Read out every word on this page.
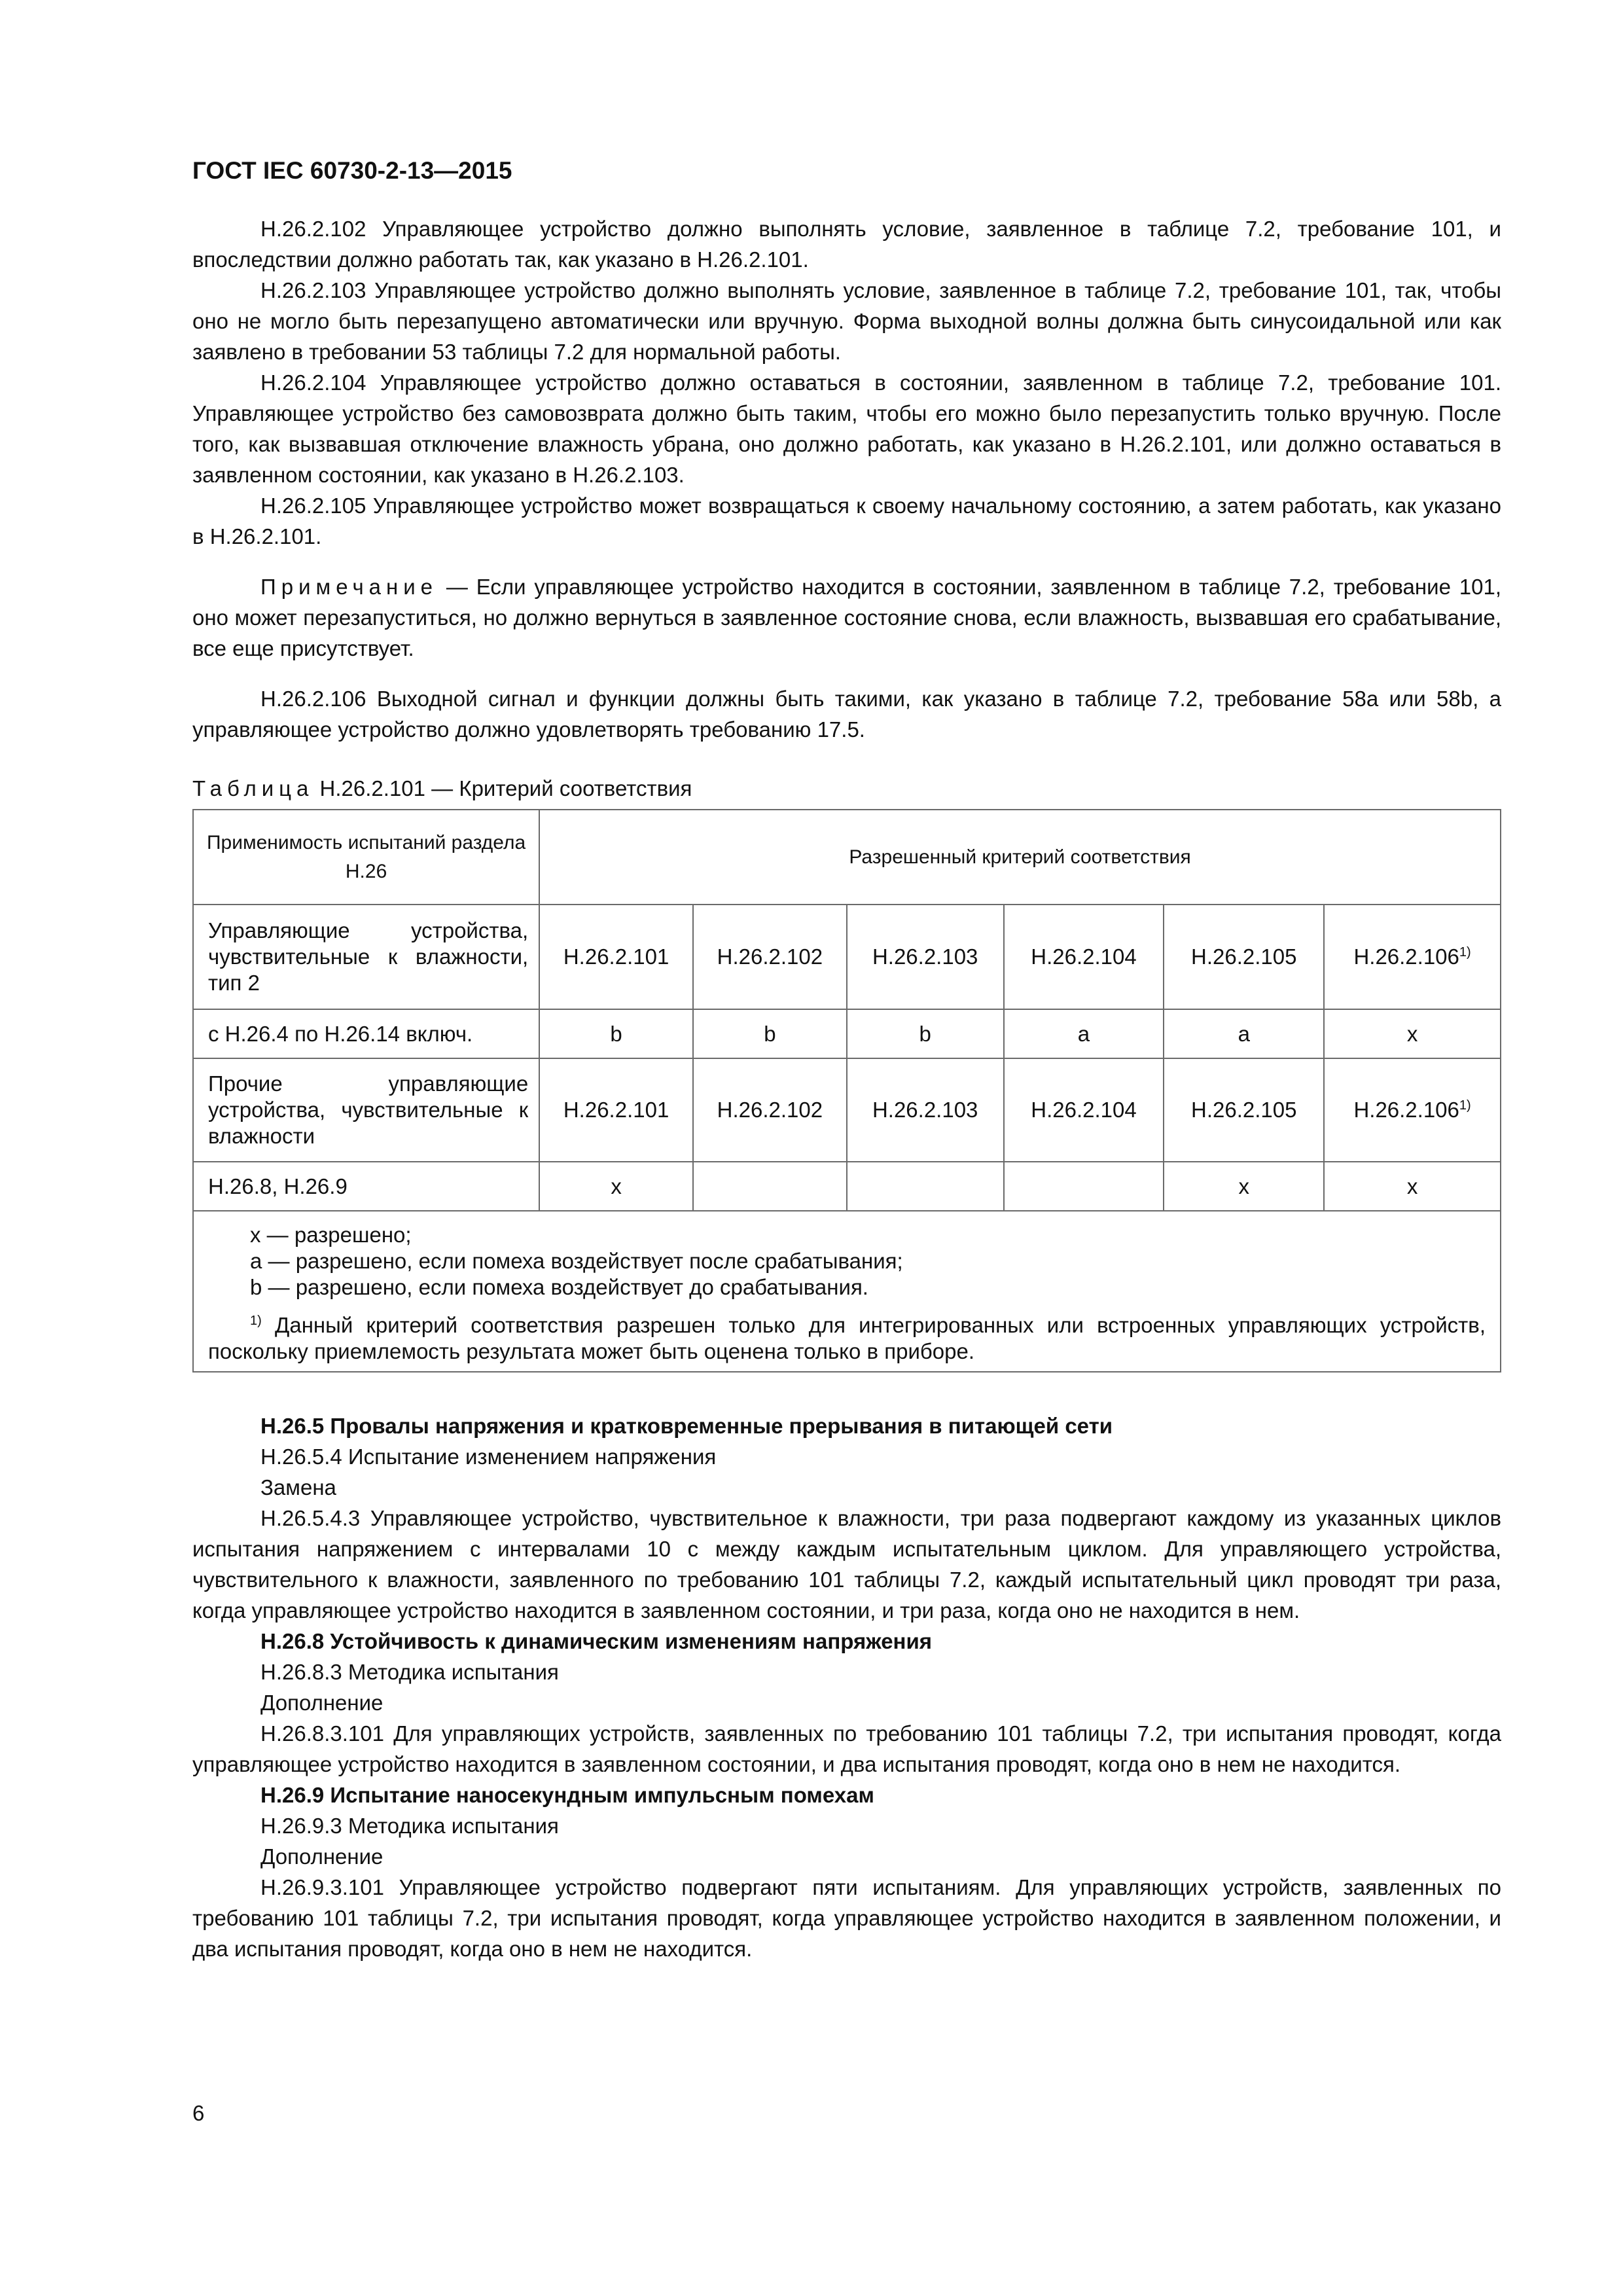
ГОСТ IEC 60730-2-13—2015

Н.26.2.102 Управляющее устройство должно выполнять условие, заявленное в таблице 7.2, требование 101, и впоследствии должно работать так, как указано в Н.26.2.101.

Н.26.2.103 Управляющее устройство должно выполнять условие, заявленное в таблице 7.2, требование 101, так, чтобы оно не могло быть перезапущено автоматически или вручную. Форма выходной волны должна быть синусоидальной или как заявлено в требовании 53 таблицы 7.2 для нормальной работы.

Н.26.2.104 Управляющее устройство должно оставаться в состоянии, заявленном в таблице 7.2, требование 101. Управляющее устройство без самовозврата должно быть таким, чтобы его можно было перезапустить только вручную. После того, как вызвавшая отключение влажность убрана, оно должно работать, как указано в Н.26.2.101, или должно оставаться в заявленном состоянии, как указано в Н.26.2.103.

Н.26.2.105 Управляющее устройство может возвращаться к своему начальному состоянию, а затем работать, как указано в Н.26.2.101.

Примечание — Если управляющее устройство находится в состоянии, заявленном в таблице 7.2, требование 101, оно может перезапуститься, но должно вернуться в заявленное состояние снова, если влажность, вызвавшая его срабатывание, все еще присутствует.

Н.26.2.106 Выходной сигнал и функции должны быть такими, как указано в таблице 7.2, требование 58а или 58b, а управляющее устройство должно удовлетворять требованию 17.5.

Таблица Н.26.2.101 — Критерий соответствия
Применимость испытаний раздела Н.26	Разрешенный критерий соответствия					
Управляющие устройства, чувствительные к влажности, тип 2	Н.26.2.101	Н.26.2.102	Н.26.2.103	Н.26.2.104	Н.26.2.105	Н.26.2.106$^{1)}$
с Н.26.4 по Н.26.14 включ.	b	b	b	a	a	x
Прочие управляющие устройства, чувствительные к влажности	Н.26.2.101	Н.26.2.102	Н.26.2.103	Н.26.2.104	Н.26.2.105	Н.26.2.106$^{1)}$
Н.26.8, Н.26.9	x				x	x

x — разрешено;
a — разрешено, если помеха воздействует после срабатывания;
b — разрешено, если помеха воздействует до срабатывания.
$^{1)}$ Данный критерий соответствия разрешен только для интегрированных или встроенных управляющих устройств, поскольку приемлемость результата может быть оценена только в приборе.						

Н.26.5 Провалы напряжения и кратковременные прерывания в питающей сети

Н.26.5.4 Испытание изменением напряжения

Замена

Н.26.5.4.3 Управляющее устройство, чувствительное к влажности, три раза подвергают каждому из указанных циклов испытания напряжением с интервалами 10 с между каждым испытательным циклом. Для управляющего устройства, чувствительного к влажности, заявленного по требованию 101 таблицы 7.2, каждый испытательный цикл проводят три раза, когда управляющее устройство находится в заявленном состоянии, и три раза, когда оно не находится в нем.

Н.26.8 Устойчивость к динамическим изменениям напряжения

Н.26.8.3 Методика испытания

Дополнение

Н.26.8.3.101 Для управляющих устройств, заявленных по требованию 101 таблицы 7.2, три испытания проводят, когда управляющее устройство находится в заявленном состоянии, и два испытания проводят, когда оно в нем не находится.

Н.26.9 Испытание наносекундным импульсным помехам

Н.26.9.3 Методика испытания

Дополнение

Н.26.9.3.101 Управляющее устройство подвергают пяти испытаниям. Для управляющих устройств, заявленных по требованию 101 таблицы 7.2, три испытания проводят, когда управляющее устройство находится в заявленном положении, и два испытания проводят, когда оно в нем не находится.

6
